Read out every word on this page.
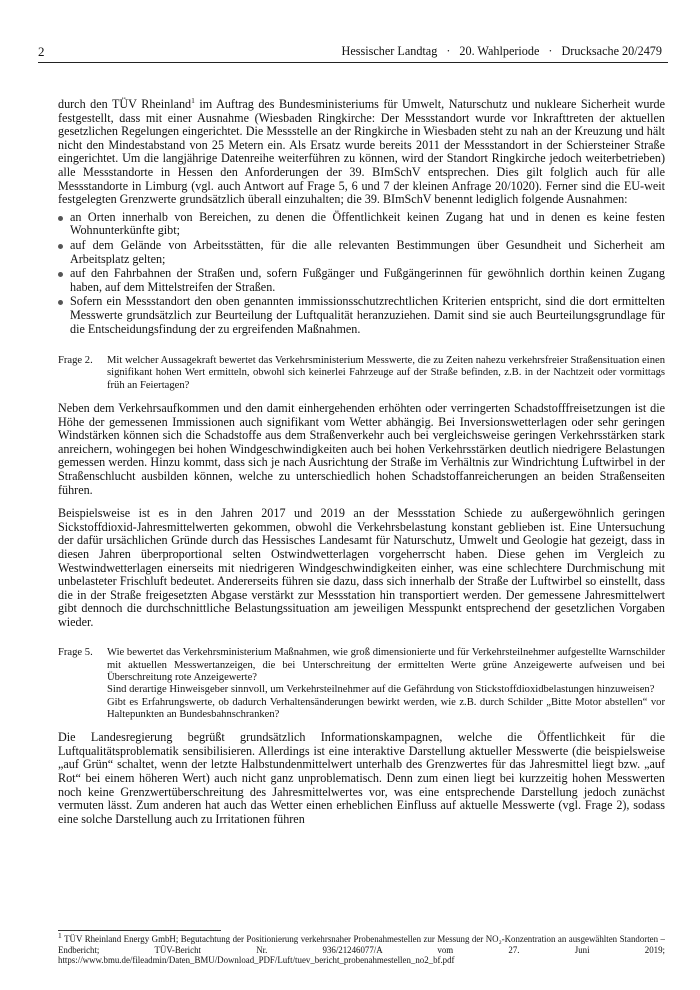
2	Hessischer Landtag · 20. Wahlperiode · Drucksache 20/2479

durch den TÜV Rheinland$^1$ im Auftrag des Bundesministeriums für Umwelt, Naturschutz und nukleare Sicherheit wurde festgestellt, dass mit einer Ausnahme (Wiesbaden Ringkirche: Der Messstandort wurde vor Inkrafttreten der aktuellen gesetzlichen Regelungen eingerichtet. Die Messstelle an der Ringkirche in Wiesbaden steht zu nah an der Kreuzung und hält nicht den Mindestabstand von 25 Metern ein. Als Ersatz wurde bereits 2011 der Messstandort in der Schiersteiner Straße eingerichtet. Um die langjährige Datenreihe weiterführen zu können, wird der Standort Ringkirche jedoch weiterbetrieben) alle Messstandorte in Hessen den Anforderungen der 39. BImSchV entsprechen. Dies gilt folglich auch für alle Messstandorte in Limburg (vgl. auch Antwort auf Frage 5, 6 und 7 der kleinen Anfrage 20/1020). Ferner sind die EU-weit festgelegten Grenzwerte grundsätzlich überall einzuhalten; die 39. BImSchV benennt lediglich folgende Ausnahmen:

an Orten innerhalb von Bereichen, zu denen die Öffentlichkeit keinen Zugang hat und in denen es keine festen Wohnunterkünfte gibt;
auf dem Gelände von Arbeitsstätten, für die alle relevanten Bestimmungen über Gesundheit und Sicherheit am Arbeitsplatz gelten;
auf den Fahrbahnen der Straßen und, sofern Fußgänger und Fußgängerinnen für gewöhnlich dorthin keinen Zugang haben, auf dem Mittelstreifen der Straßen.
Sofern ein Messstandort den oben genannten immissionsschutzrechtlichen Kriterien entspricht, sind die dort ermittelten Messwerte grundsätzlich zur Beurteilung der Luftqualität heranzuziehen. Damit sind sie auch Beurteilungsgrundlage für die Entscheidungsfindung der zu ergreifenden Maßnahmen.
Frage 2.	Mit welcher Aussagekraft bewertet das Verkehrsministerium Messwerte, die zu Zeiten nahezu verkehrsfreier Straßensituation einen signifikant hohen Wert ermitteln, obwohl sich keinerlei Fahrzeuge auf der Straße befinden, z.B. in der Nachtzeit oder vormittags früh an Feiertagen?

Neben dem Verkehrsaufkommen und den damit einhergehenden erhöhten oder verringerten Schadstofffreisetzungen ist die Höhe der gemessenen Immissionen auch signifikant vom Wetter abhängig. Bei Inversionswetterlagen oder sehr geringen Windstärken können sich die Schadstoffe aus dem Straßenverkehr auch bei vergleichsweise geringen Verkehrsstärken stark anreichern, wohingegen bei hohen Windgeschwindigkeiten auch bei hohen Verkehrsstärken deutlich niedrigere Belastungen gemessen werden. Hinzu kommt, dass sich je nach Ausrichtung der Straße im Verhältnis zur Windrichtung Luftwirbel in der Straßenschlucht ausbilden können, welche zu unterschiedlich hohen Schadstoffanreicherungen an beiden Straßenseiten führen.

Beispielsweise ist es in den Jahren 2017 und 2019 an der Messstation Schiede zu außergewöhnlich geringen Sickstoffdioxid-Jahresmittelwerten gekommen, obwohl die Verkehrsbelastung konstant geblieben ist. Eine Untersuchung der dafür ursächlichen Gründe durch das Hessisches Landesamt für Naturschutz, Umwelt und Geologie hat gezeigt, dass in diesen Jahren überproportional selten Ostwindwetterlagen vorgeherrscht haben. Diese gehen im Vergleich zu Westwindwetterlagen einerseits mit niedrigeren Windgeschwindigkeiten einher, was eine schlechtere Durchmischung mit unbelasteter Frischluft bedeutet. Andererseits führen sie dazu, dass sich innerhalb der Straße der Luftwirbel so einstellt, dass die in der Straße freigesetzten Abgase verstärkt zur Messstation hin transportiert werden. Der gemessene Jahresmittelwert gibt dennoch die durchschnittliche Belastungssituation am jeweiligen Messpunkt entsprechend der gesetzlichen Vorgaben wieder.

Frage 5.	Wie bewertet das Verkehrsministerium Maßnahmen, wie groß dimensionierte und für Verkehrsteilnehmer aufgestellte Warnschilder mit aktuellen Messwertanzeigen, die bei Unterschreitung der ermittelten Werte grüne Anzeigewerte aufweisen und bei Überschreitung rote Anzeigewerte?
Sind derartige Hinweisgeber sinnvoll, um Verkehrsteilnehmer auf die Gefährdung von Stickstoffdioxidbelastungen hinzuweisen?
Gibt es Erfahrungswerte, ob dadurch Verhaltensänderungen bewirkt werden, wie z.B. durch Schilder „Bitte Motor abstellen“ vor Haltepunkten an Bundesbahnschranken?

Die Landesregierung begrüßt grundsätzlich Informationskampagnen, welche die Öffentlichkeit für die Luftqualitätsproblematik sensibilisieren. Allerdings ist eine interaktive Darstellung aktueller Messwerte (die beispielsweise „auf Grün“ schaltet, wenn der letzte Halbstundenmittelwert unterhalb des Grenzwertes für das Jahresmittel liegt bzw. „auf Rot“ bei einem höheren Wert) auch nicht ganz unproblematisch. Denn zum einen liegt bei kurzzeitig hohen Messwerten noch keine Grenzwertüberschreitung des Jahresmittelwertes vor, was eine entsprechende Darstellung jedoch zunächst vermuten lässt. Zum anderen hat auch das Wetter einen erheblichen Einfluss auf aktuelle Messwerte (vgl. Frage 2), sodass eine solche Darstellung auch zu Irritationen führen

$^1$ TÜV Rheinland Energy GmbH; Begutachtung der Positionierung verkehrsnaher Probenahmestellen zur Messung der NO₂-Konzentration an ausgewählten Standorten – Endbericht; TÜV-Bericht Nr. 936/21246077/A vom 27. Juni 2019; https://www.bmu.de/fileadmin/Daten_BMU/Download_PDF/Luft/tuev_bericht_probenahmestellen_no2_bf.pdf
